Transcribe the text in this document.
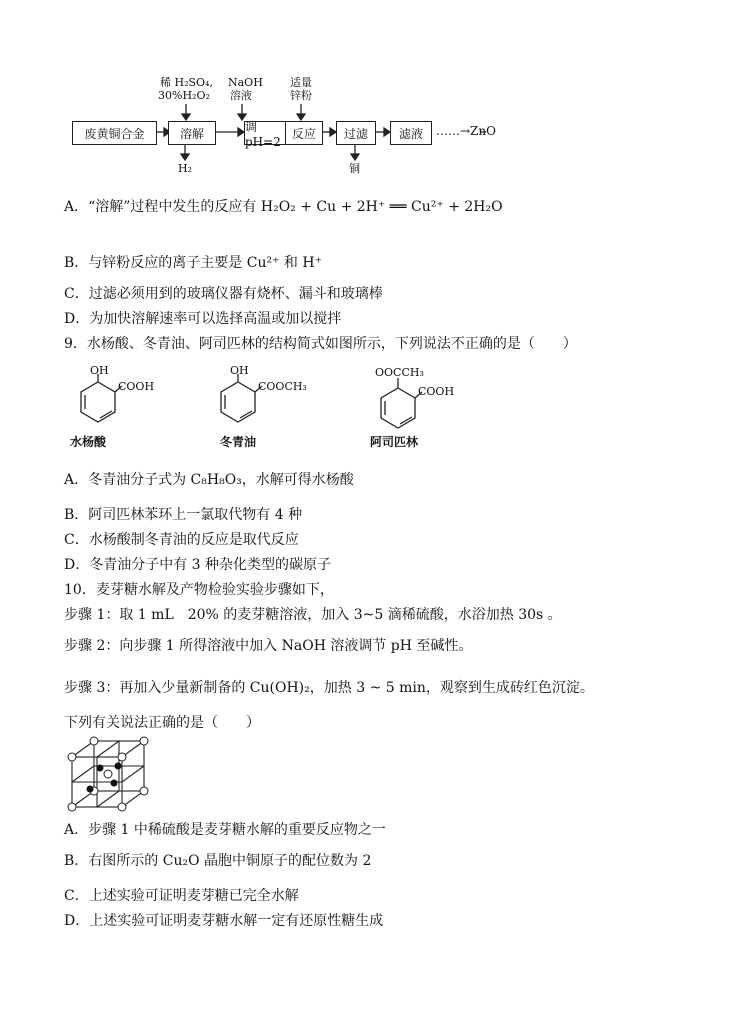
废黄铜合金	溶解	调 pH=2
反应	过滤	滤液	……→ZnO
稀 H₂SO₄,
30%H₂O₂
NaOH
溶液
适量
锌粉
H₂	铜
A．“溶解”过程中发生的反应有 H₂O₂ + Cu + 2H⁺ ══ Cu²⁺ + 2H₂O
B．与锌粉反应的离子主要是 Cu²⁺ 和 H⁺
C．过滤必须用到的玻璃仪器有烧杯、漏斗和玻璃棒
D．为加快溶解速率可以选择高温或加以搅拌
9．水杨酸、冬青油、阿司匹林的结构简式如图所示，下列说法不正确的是（　　）
OH
COOH
OH
COOCH₃
OOCCH₃
COOH
水杨酸	冬青油	阿司匹林
A．冬青油分子式为 C₈H₈O₃，水解可得水杨酸
B．阿司匹林苯环上一氯取代物有 4 种
C．水杨酸制冬青油的反应是取代反应
D．冬青油分子中有 3 种杂化类型的碳原子
10．麦芽糖水解及产物检验实验步骤如下，
步骤 1：取 1 mL　20% 的麦芽糖溶液，加入 3~5 滴稀硫酸，水浴加热 30s 。
步骤 2：向步骤 1 所得溶液中加入 NaOH 溶液调节 pH 至碱性。
步骤 3：再加入少量新制备的 Cu(OH)₂，加热 3 ~ 5 min，观察到生成砖红色沉淀。
下列有关说法正确的是（　　）
A．步骤 1 中稀硫酸是麦芽糖水解的重要反应物之一
B．右图所示的 Cu₂O 晶胞中铜原子的配位数为 2
C．上述实验可证明麦芽糖已完全水解
D．上述实验可证明麦芽糖水解一定有还原性糖生成
